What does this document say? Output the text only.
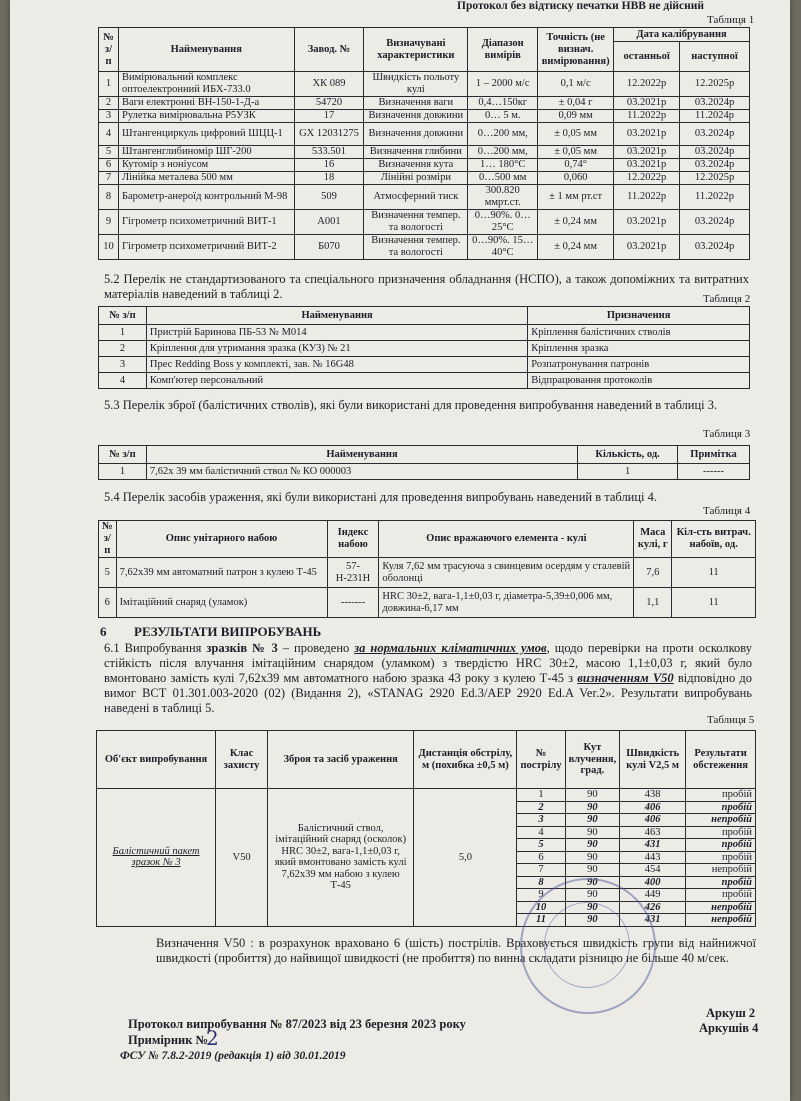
Протокол без відтиску печатки НВВ не дійсний
Таблиця 1
№ з/п	Найменування	Завод. №	Визначувані характеристики	Діапазон вимірів	Точність (не визнач. вимірювання)	Дата калібрування	
						останньої	наступної
1	Вимірювальний комплекс оптоелектронний ИБХ-733.0	ХК 089	Швидкість польоту кулі	1 – 2000 м/с	0,1 м/с	12.2022р	12.2025р
2	Ваги електронні ВН-150-1-Д-а	54720	Визначення ваги	0,4…150кг	± 0,04 г	03.2021р	03.2024р
3	Рулетка вимірювальна Р5УЗК	17	Визначення довжини	0… 5 м.	0,09 мм	11.2022р	11.2024р
4	Штангенциркуль цифровий ШЦЦ-1	GX 12031275	Визначення довжини	0…200 мм,	± 0,05 мм	03.2021р	03.2024р
5	Штангенглибиномір ШГ-200	533.501	Визначення глибини	0…200 мм,	± 0,05 мм	03.2021р	03.2024р
6	Кутомір з ноніусом	16	Визначення кута	1… 180°С	0,74°	03.2021р	03.2024р
7	Лінійка металева 500 мм	18	Лінійні розміри	0…500 мм	0,060	12.2022р	12.2025р
8	Барометр-анероїд контрольний М-98	509	Атмосферний тиск	300.820 ммрт.ст.	± 1 мм рт.ст	11.2022р	11.2022р
9	Гігрометр психометричний ВИТ-1	А001	Визначення темпер. та вологості	0…90%. 0…25°С	± 0,24 мм	03.2021р	03.2024р
10	Гігрометр психометричний ВИТ-2	Б070	Визначення темпер. та вологості	0…90%. 15…40°С	± 0,24 мм	03.2021р	03.2024р
5.2 Перелік не стандартизованого та спеціального призначення обладнання (НСПО), а також допоміжних та витратних матеріалів наведений в таблиці 2.	Таблиця 2
№ з/п	Найменування	Призначення
1	Пристрій Баринова ПБ-53 № М014	Кріплення балістичних стволів
2	Кріплення для утримання зразка (КУЗ) № 21	Кріплення зразка
3	Прес Redding Boss у комплекті, зав. № 16G48	Розпатронування патронів
4	Комп'ютер персональний	Відпрацювання протоколів
5.3 Перелік зброї (балістичних стволів), які були використані для проведення випробування наведений в таблиці 3.
Таблиця 3
№ з/п	Найменування	Кількість, од.	Примітка
1	7,62х 39 мм балістичний ствол № КО 000003	1	------
5.4 Перелік засобів ураження, які були використані для проведення випробувань наведений в таблиці 4.
Таблиця 4
№ з/п	Опис унітарного набою	Індекс набою	Опис вражаючого елемента - кулі	Маса кулі, г	Кіл-сть витрач. набоїв, од.
5	7,62х39 мм автоматний патрон з кулею Т-45	57-Н-231Н	Куля 7,62 мм трасуюча з свинцевим осердям у сталевій оболонці	7,6	11
6	Імітаційний снаряд (уламок)	-------	HRC 30±2, вага-1,1±0,03 г, діаметра-5,39±0,006 мм, довжина-6,17 мм	1,1	11
6 РЕЗУЛЬТАТИ ВИПРОБУВАНЬ
6.1 Випробування зразків № 3 – проведено за нормальних кліматичних умов, щодо перевірки на проти осколкову стійкість після влучання імітаційним снарядом (уламком) з твердістю HRC 30±2, масою 1,1±0,03 г, який було вмонтовано замість кулі 7,62х39 мм автоматного набою зразка 43 року з кулею Т-45 з визначенням V50 відповідно до вимог ВСТ 01.301.003-2020 (02) (Видання 2), «STANAG 2920 Ed.3/AEP 2920 Ed.A Ver.2». Результати випробувань наведені в таблиці 5.
Таблиця 5
Об'єкт випробування	Клас захисту	Зброя та засіб ураження	Дистанція обстрілу, м (похибка ±0,5 м)	№ пострілу	Кут влучення, град.	Швидкість кулі V2,5 м	Результати обстеження
Балістичний пакет зразок № 3	V50	Балістичний ствол, імітаційний снаряд (осколок) HRC 30±2, вага-1,1±0,03 г, який вмонтовано замість кулі 7,62х39 мм набою з кулею Т-45	5,0	1	90	438	пробій
				2	90	406	пробій
				3	90	406	непробій
				4	90	463	пробій
				5	90	431	пробій
				6	90	443	пробій
				7	90	454	непробій
				8	90	400	пробій
				9	90	449	пробій
				10	90	426	непробій
				11	90	431	непробій
Визначення V50 : в розрахунок враховано 6 (шість) пострілів. Враховується швидкість групи від найнижчої швидкості (пробиття) до найвищої швидкості (не пробиття) по винна складати різницю не більше 40 м/сек.
Протокол випробування № 87/2023 від 23 березня 2023 року
Примірник №
2
Аркуш 2
Аркушів 4
ФСУ № 7.8.2-2019 (редакція 1) від 30.01.2019
